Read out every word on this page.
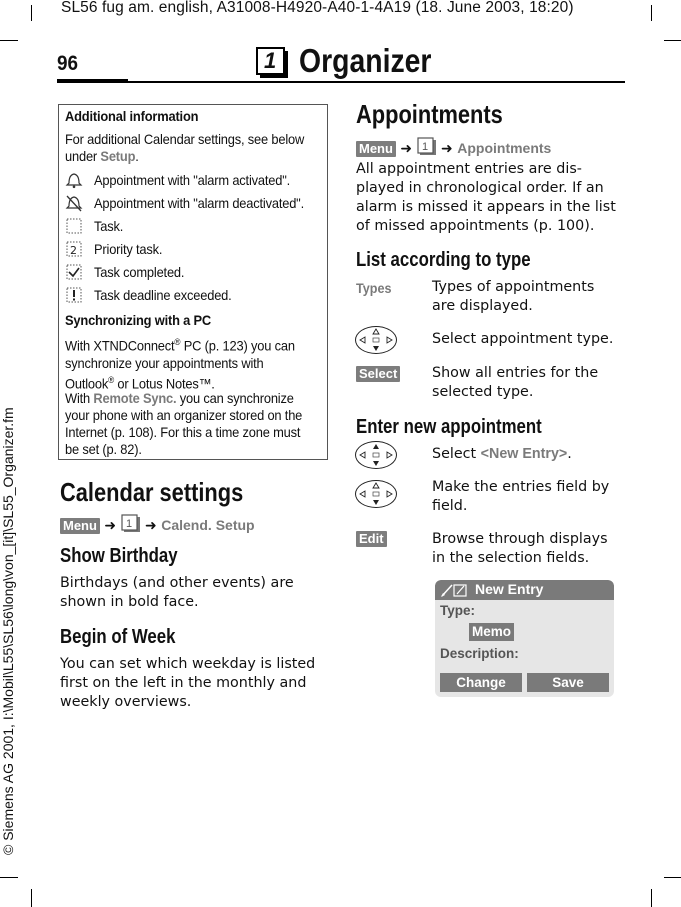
SL56 fug am. english, A31008-H4920-A40-1-4A19 (18. June 2003, 18:20)
96	1 Organizer
© Siemens AG 2001, I:\Mobil\L55\SL56\long\von_[it]\SL55_Organizer.fm
Additional information
For additional Calendar settings, see below
under Setup.
Appointment with "alarm activated".
Appointment with "alarm deactivated".
Task.
2 Priority task.
Task completed.
Task deadline exceeded.
Synchronizing with a PC
With XTNDConnect® PC (p. 123) you can
synchronize your appointments with
Outlook® or Lotus Notes™.
With Remote Sync. you can synchronize
your phone with an organizer stored on the
Internet (p. 108). For this a time zone must
be set (p. 82).
Calendar settings
Menu ➜ 1 ➜ Calend. Setup
Show Birthday
Birthdays (and other events) are
shown in bold face.
Begin of Week
You can set which weekday is listed
first on the left in the monthly and
weekly overviews.
Appointments
Menu ➜ 1 ➜ Appointments
All appointment entries are dis-
played in chronological order. If an
alarm is missed it appears in the list
of missed appointments (p. 100).
List according to type
Types	Types of appointments
are displayed.
Select appointment type.
Select Show all entries for the
selected type.
Enter new appointment
Select <New Entry>.
Make the entries field by
field.
Edit	Browse through displays
in the selection fields.
New Entry
Type:
Memo
Description:
Change	Save
